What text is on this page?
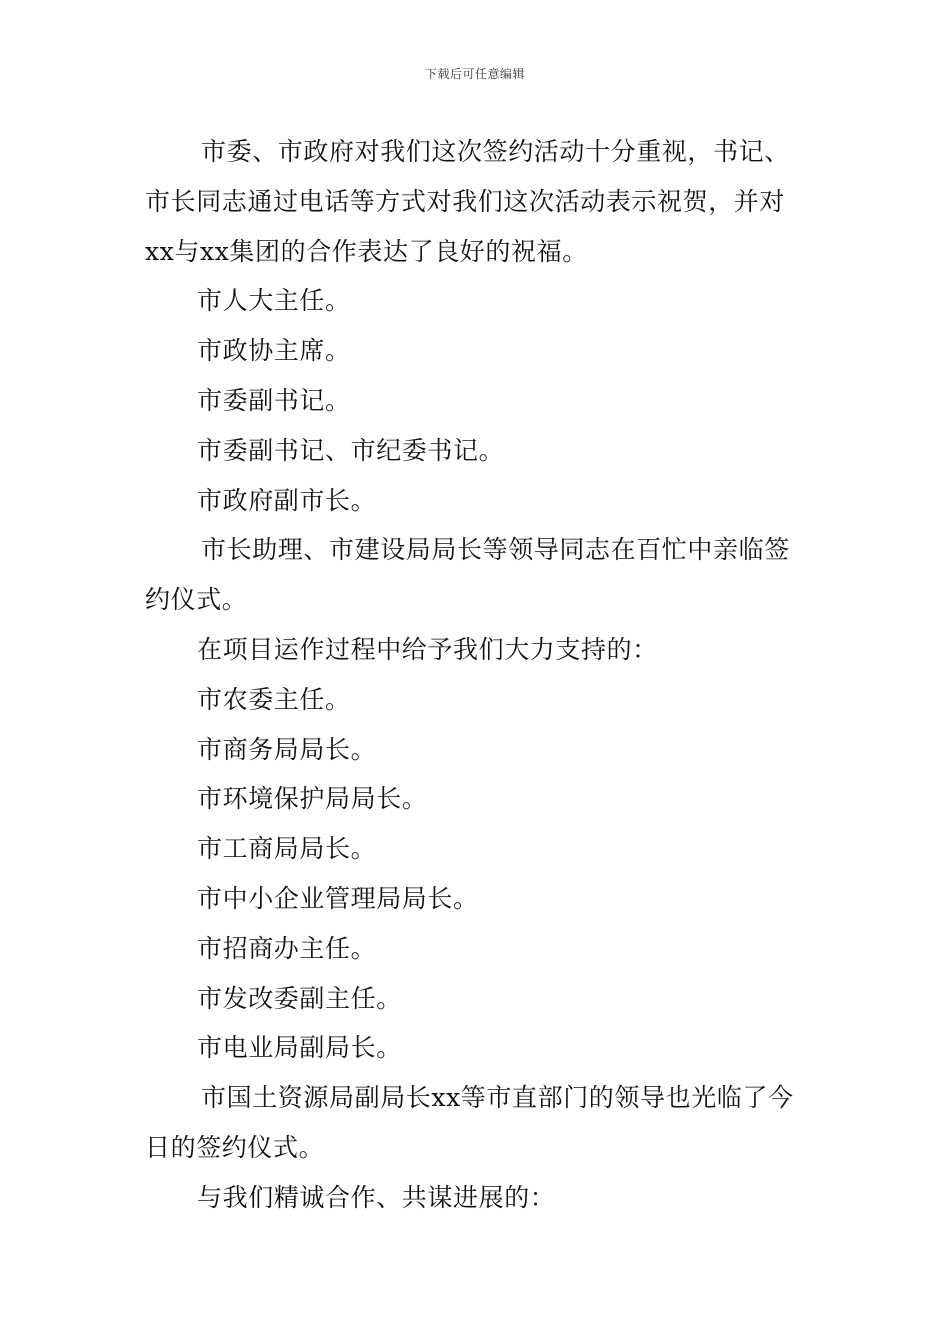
下载后可任意编辑
市委、市政府对我们这次签约活动十分重视，书记、
市长同志通过电话等方式对我们这次活动表示祝贺，并对
xx与xx集团的合作表达了良好的祝福。
市人大主任。
市政协主席。
市委副书记。
市委副书记、市纪委书记。
市政府副市长。
市长助理、市建设局局长等领导同志在百忙中亲临签
约仪式。
在项目运作过程中给予我们大力支持的：
市农委主任。
市商务局局长。
市环境保护局局长。
市工商局局长。
市中小企业管理局局长。
市招商办主任。
市发改委副主任。
市电业局副局长。
市国土资源局副局长xx等市直部门的领导也光临了今
日的签约仪式。
与我们精诚合作、共谋进展的：
